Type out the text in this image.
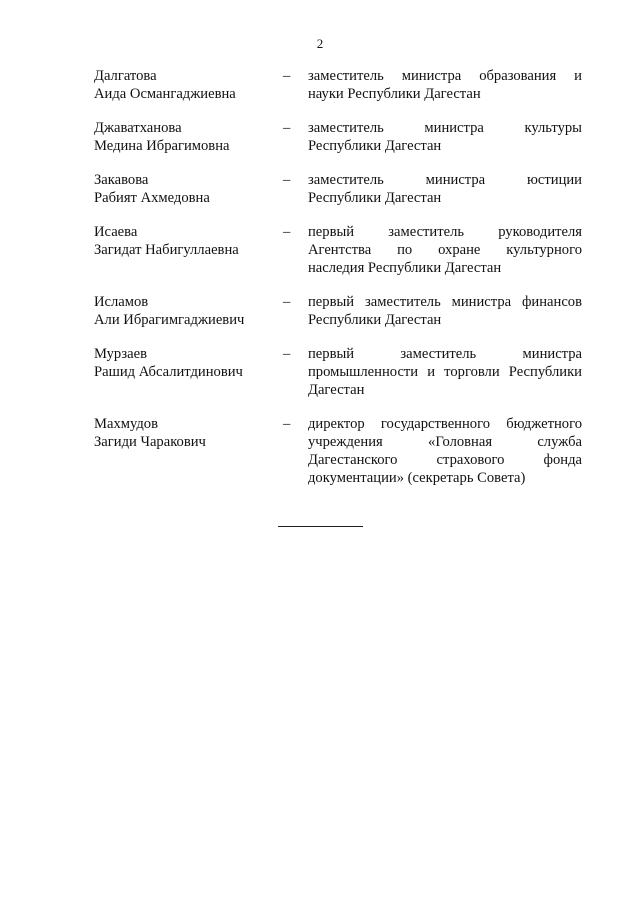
2
Далгатова
Аида Османгаджиевна
– заместитель министра образования и
науки Республики Дагестан
Джаватханова
Медина Ибрагимовна
– заместитель министра культуры
Республики Дагестан
Закавова
Рабият Ахмедовна
– заместитель министра юстиции
Республики Дагестан
Исаева
Загидат Набигуллаевна
– первый заместитель руководителя
Агентства по охране культурного
наследия Республики Дагестан
Исламов
Али Ибрагимгаджиевич
– первый заместитель министра финансов
Республики Дагестан
Мурзаев
Рашид Абсалитдинович
– первый заместитель министра
промышленности и торговли Республики
Дагестан
Махмудов
Загиди Чаракович
– директор государственного бюджетного
учреждения «Головная служба
Дагестанского страхового фонда
документации» (секретарь Совета)
